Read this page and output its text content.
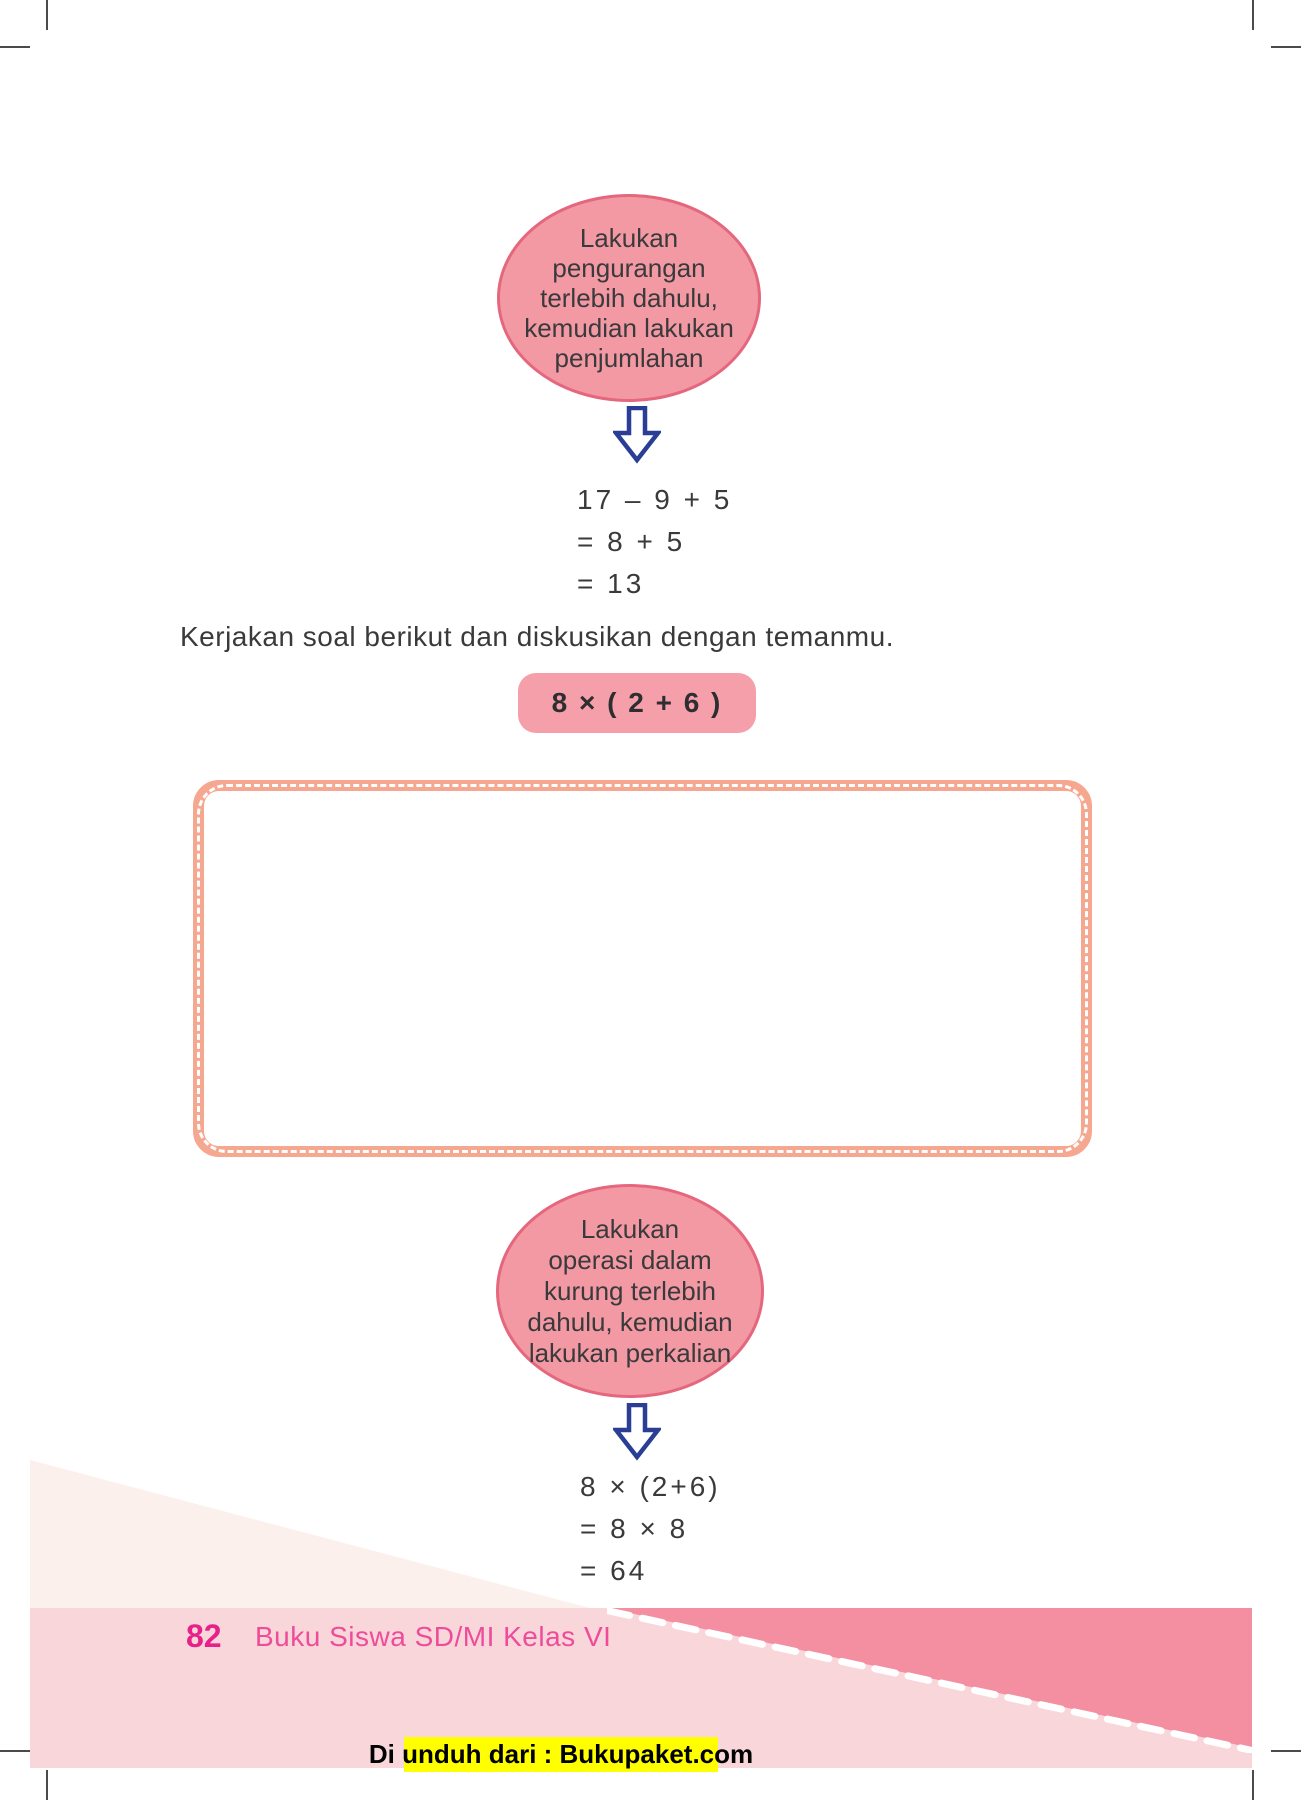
Lakukan
pengurangan
terlebih dahulu,
kemudian lakukan
penjumlahan
17 – 9 + 5
= 8 + 5
= 13
Kerjakan soal berikut dan diskusikan dengan temanmu.
8 × ( 2 + 6 )
Lakukan
operasi dalam
kurung terlebih
dahulu, kemudian
lakukan perkalian
8 × (2+6)
= 8 × 8
= 64
82 Buku Siswa SD/MI Kelas VI
Di unduh dari : Bukupaket.com
